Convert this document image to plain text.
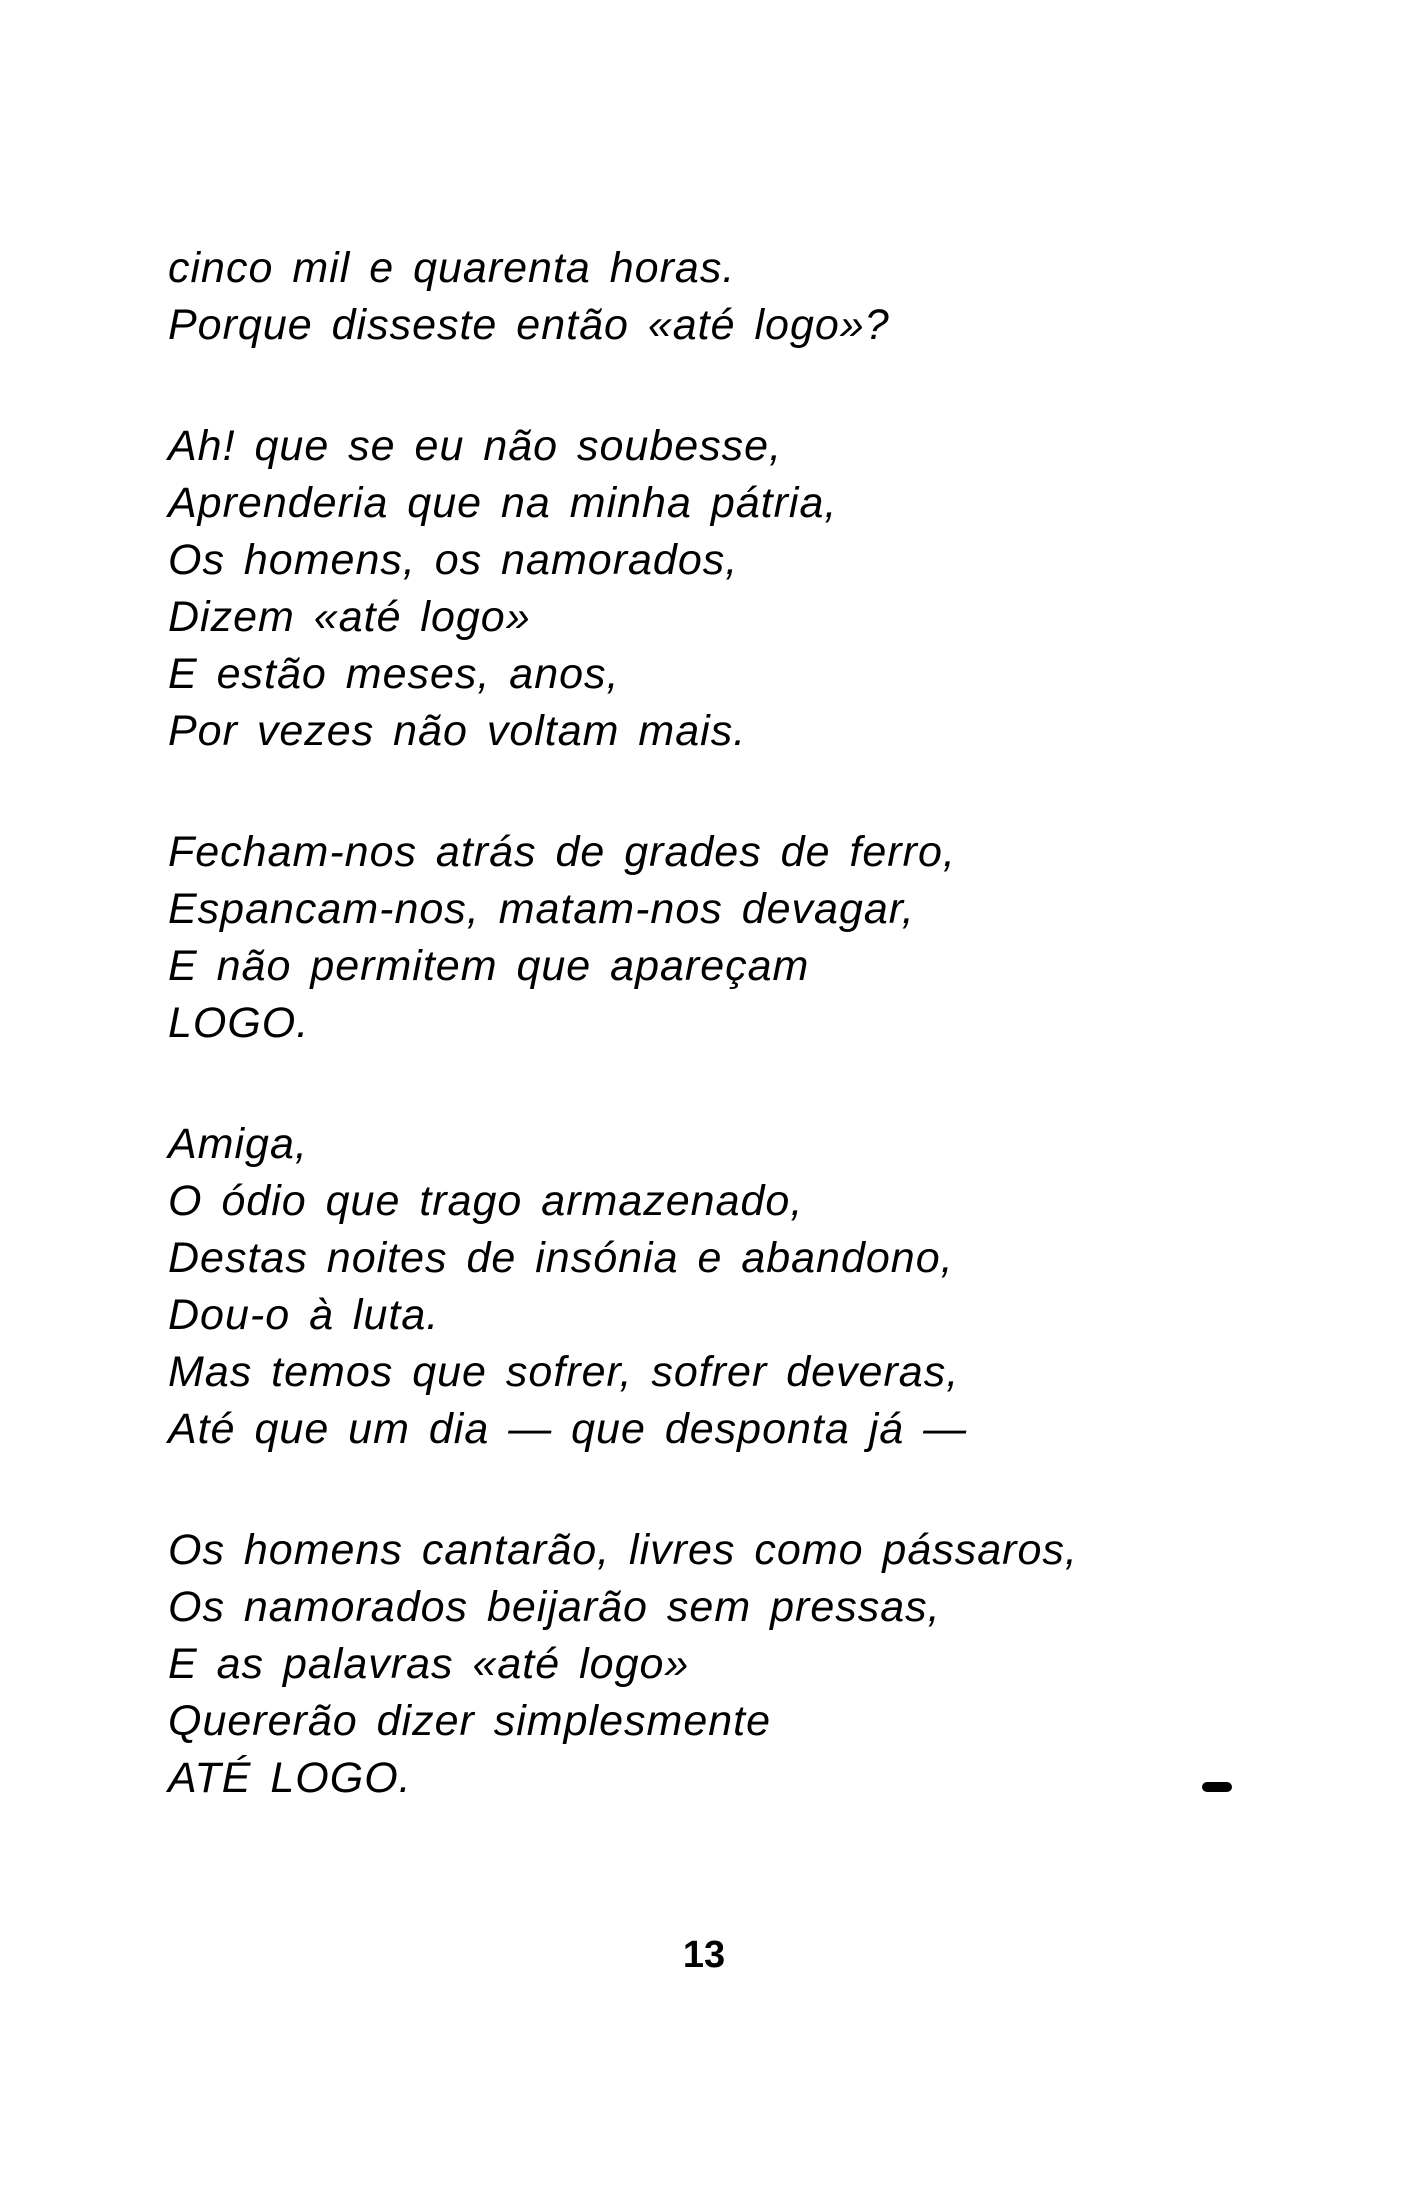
cinco mil e quarenta horas.
Porque disseste então «até logo»?
Ah! que se eu não soubesse,
Aprenderia que na minha pátria,
Os homens, os namorados,
Dizem «até logo»
E estão meses, anos,
Por vezes não voltam mais.
Fecham-nos atrás de grades de ferro,
Espancam-nos, matam-nos devagar,
E não permitem que apareçam
LOGO.
Amiga,
O ódio que trago armazenado,
Destas noites de insónia e abandono,
Dou-o à luta.
Mas temos que sofrer, sofrer deveras,
Até que um dia — que desponta já —
Os homens cantarão, livres como pássaros,
Os namorados beijarão sem pressas,
E as palavras «até logo»
Quererão dizer simplesmente
ATÉ LOGO.
13
